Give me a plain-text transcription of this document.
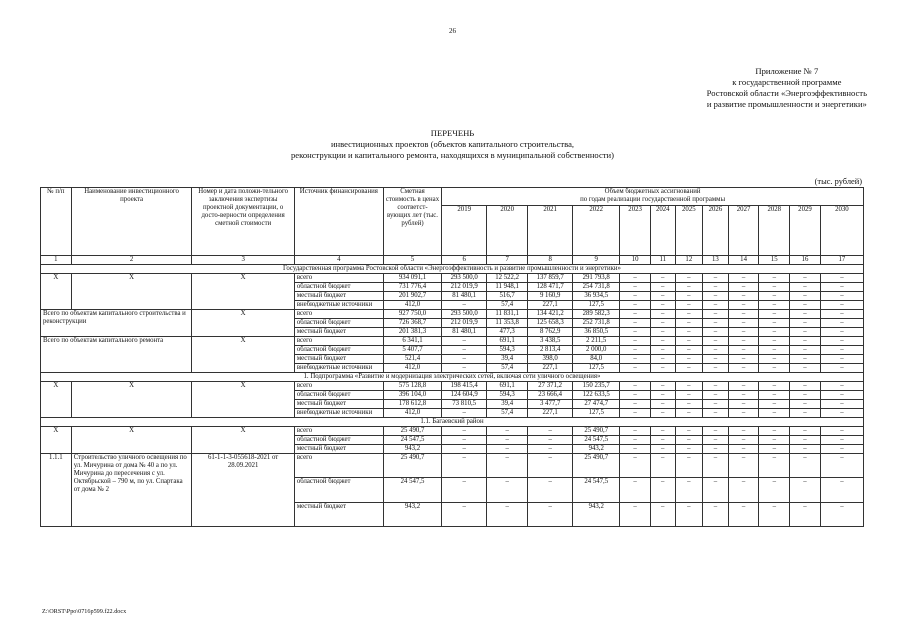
26
Приложение № 7
к государственной программе
Ростовской области «Энергоэффективность
и развитие промышленности и энергетики»
ПЕРЕЧЕНЬ
инвестиционных проектов (объектов капитального строительства,
реконструкции и капитального ремонта, находящихся в муниципальной собственности)
(тыс. рублей)
№ п/п	Наименование инвестиционного проекта	Номер и дата положи-тельного заключения экспертизы проектной документации, о досто-верности определения сметной стоимости	Источник финансирования	Сметная стоимость в ценах соответст-вующих лет (тыс. рублей)	Объем бюджетных ассигнований
по годам реализации государственной программы											

					2019	2020	2021	2022	2023	2024	2025	2026	2027	2028	2029	2030
1	2	3	4	5	6	7	8	9	10	11	12	13	14	15	16	17
Государственная программа Ростовской области «Энергоэффективность и развитие промышленности и энергетики»																
Х	Х	Х	всего	934 091,1	293 500,0	12 522,2	137 859,7	291 793,8	–	–	–	–	–	–	–	–
			областной бюджет	731 776,4	212 019,9	11 948,1	128 471,7	254 731,8	–	–	–	–	–	–	–	–
			местный бюджет	201 902,7	81 480,1	516,7	9 160,9	36 934,5	–	–	–	–	–	–	–	–
			внебюджетные источники	412,0	–	57,4	227,1	127,5	–	–	–	–	–	–	–	–
Всего по объектам капитального строительства и реконструкции		Х	всего	927 750,0	293 500,0	11 831,1	134 421,2	289 582,3	–	–	–	–	–	–	–	–
			областной бюджет	726 368,7	212 019,9	11 353,8	125 658,3	252 731,8	–	–	–	–	–	–	–	–
			местный бюджет	201 381,3	81 480,1	477,3	8 762,9	36 850,5	–	–	–	–	–	–	–	–
Всего по объектам капитального ремонта		Х	всего	6 341,1	–	691,1	3 438,5	2 211,5	–	–	–	–	–	–	–	–
			областной бюджет	5 407,7	–	594,3	2 813,4	2 000,0	–	–	–	–	–	–	–	–
			местный бюджет	521,4	–	39,4	398,0	84,0	–	–	–	–	–	–	–	–
			внебюджетные источники	412,0	–	57,4	227,1	127,5	–	–	–	–	–	–	–	–
1. Подпрограмма «Развитие и модернизация электрических сетей, включая сети уличного освещения»																
Х	Х	Х	всего	575 128,8	198 415,4	691,1	27 371,2	150 235,7	–	–	–	–	–	–	–	–
			областной бюджет	396 104,0	124 604,9	594,3	23 666,4	122 633,5	–	–	–	–	–	–	–	–
			местный бюджет	178 612,8	73 810,5	39,4	3 477,7	27 474,7	–	–	–	–	–	–	–	–
			внебюджетные источники	412,0	–	57,4	227,1	127,5	–	–	–	–	–	–	–	–
1.1. Багаевский район																
Х	Х	Х	всего	25 490,7	–	–	–	25 490,7	–	–	–	–	–	–	–	–
			областной бюджет	24 547,5	–	–	–	24 547,5	–	–	–	–	–	–	–	–
			местный бюджет	943,2	–	–	–	943,2	–	–	–	–	–	–	–	–
1.1.1	Строительство уличного освещения по ул. Мичурина от дома № 40 а по ул. Мичурина до пересечения с ул. Октябрьской – 790 м, по ул. Спартака от дома № 2	61-1-1-3-055618-2021 от 28.09.2021	всего	25 490,7	–	–	–	25 490,7	–	–	–	–	–	–	–	–
			областной бюджет	24 547,5	–	–	–	24 547,5	–	–	–	–	–	–	–	–
			местный бюджет	943,2	–	–	–	943,2	–	–	–	–	–	–	–	–
Z:\ORST\Ppo\0716p599.f22.docx
